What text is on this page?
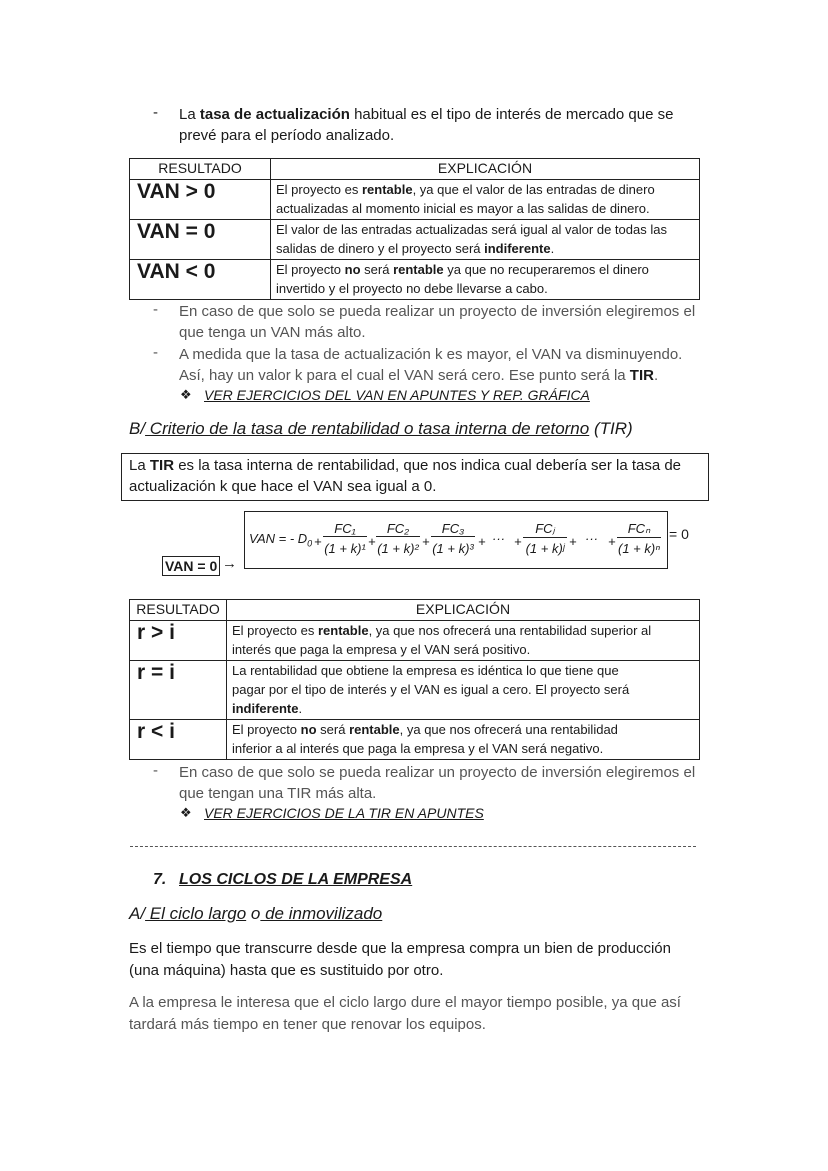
- La tasa de actualización habitual es el tipo de interés de mercado que se
prevé para el período analizado.
RESULTADO	EXPLICACIÓN
VAN > 0	El proyecto es rentable, ya que el valor de las entradas de dinero
actualizadas al momento inicial es mayor a las salidas de dinero.

VAN = 0	El valor de las entradas actualizadas será igual al valor de todas las
salidas de dinero y el proyecto será indiferente.

VAN < 0	El proyecto no será rentable ya que no recuperaremos el dinero
invertido y el proyecto no debe llevarse a cabo.
- En caso de que solo se pueda realizar un proyecto de inversión elegiremos el
que tenga un VAN más alto.
- A medida que la tasa de actualización k es mayor, el VAN va disminuyendo.
Así, hay un valor k para el cual el VAN será cero. Ese punto será la TIR.
❖ VER EJERCICIOS DEL VAN EN APUNTES Y REP. GRÁFICA
B/ Criterio de la tasa de rentabilidad o tasa interna de retorno (TIR)
La TIR es la tasa interna de rentabilidad, que nos indica cual debería ser la tasa de
actualización k que hace el VAN sea igual a 0.
VAN = 0 →
VAN = - $D_0$ +
FC₁
(1 + k)¹ +
FC₂
(1 + k)² +
FC₃
(1 + k)³ + ··· +
FCⱼ
(1 + k)ʲ + ··· +
FCₙ
(1 + k)ⁿ
= 0
RESULTADO	EXPLICACIÓN
r > i	El proyecto es rentable, ya que nos ofrecerá una rentabilidad superior al
interés que paga la empresa y el VAN será positivo.

r = i	La rentabilidad que obtiene la empresa es idéntica lo que tiene que
pagar por el tipo de interés y el VAN es igual a cero. El proyecto será
indiferente.

r < i	El proyecto no será rentable, ya que nos ofrecerá una rentabilidad
inferior a al interés que paga la empresa y el VAN será negativo.
- En caso de que solo se pueda realizar un proyecto de inversión elegiremos el
que tengan una TIR más alta.
❖ VER EJERCICIOS DE LA TIR EN APUNTES
7. LOS CICLOS DE LA EMPRESA
A/ El ciclo largo o de inmovilizado
Es el tiempo que transcurre desde que la empresa compra un bien de producción
(una máquina) hasta que es sustituido por otro.
A la empresa le interesa que el ciclo largo dure el mayor tiempo posible, ya que así
tardará más tiempo en tener que renovar los equipos.
